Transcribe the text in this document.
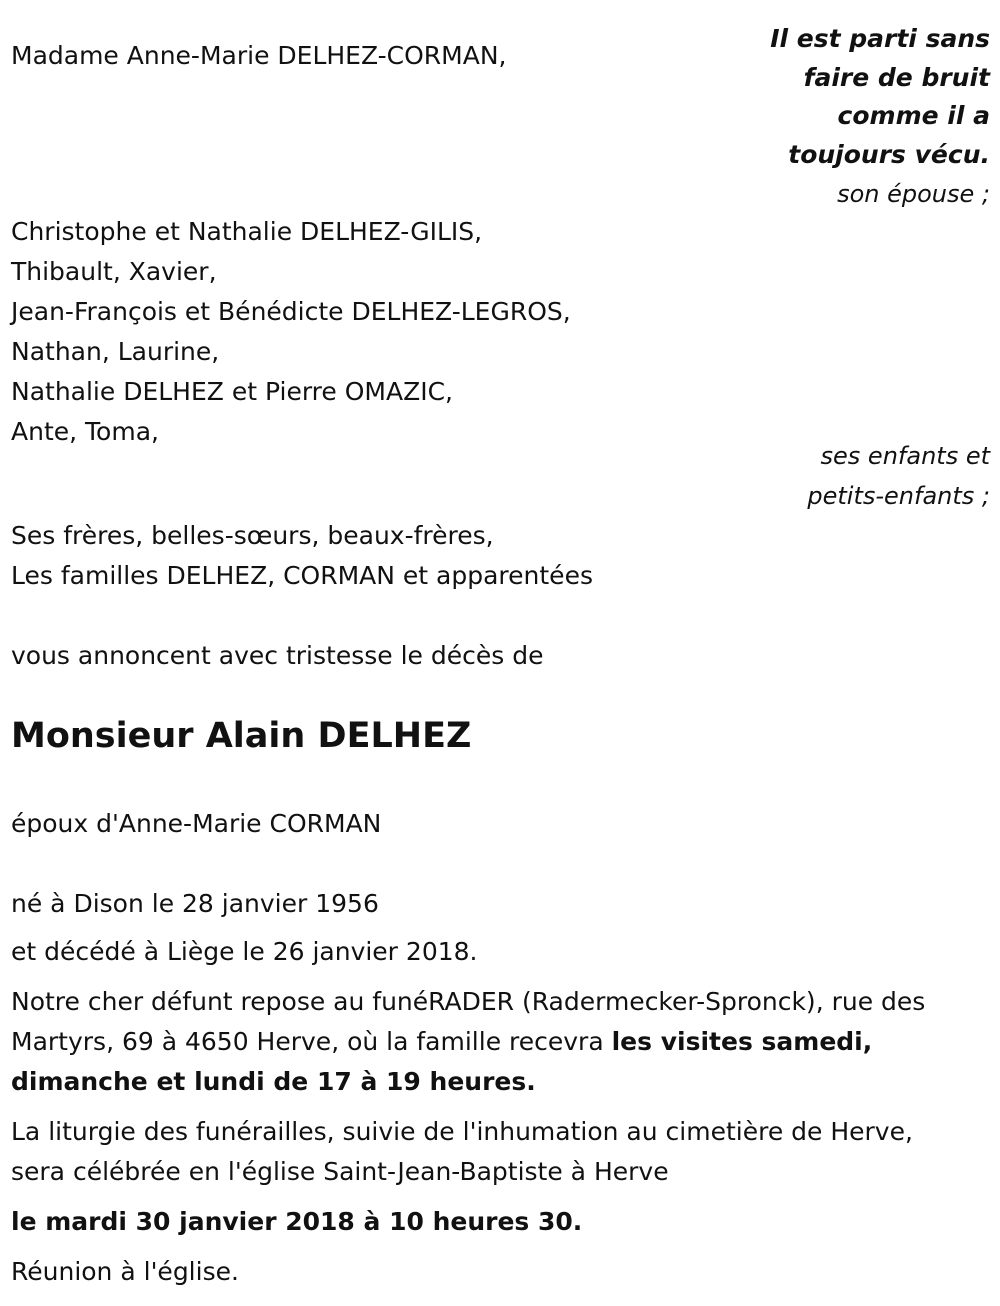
Madame Anne-Marie DELHEZ-CORMAN,
Il est parti sans
faire de bruit
comme il a
toujours vécu.
son épouse ;
Christophe et Nathalie DELHEZ-GILIS,
Thibault, Xavier,
Jean-François et Bénédicte DELHEZ-LEGROS,
Nathan, Laurine,
Nathalie DELHEZ et Pierre OMAZIC,
Ante, Toma,
ses enfants et
petits-enfants ;
Ses frères, belles-sœurs, beaux-frères,
Les familles DELHEZ, CORMAN et apparentées
vous annoncent avec tristesse le décès de
Monsieur Alain DELHEZ
époux d'Anne-Marie CORMAN
né à Dison le 28 janvier 1956
et décédé à Liège le 26 janvier 2018.
Notre cher défunt repose au funéRADER (Radermecker-Spronck), rue des Martyrs, 69 à 4650 Herve, où la famille recevra les visites samedi, dimanche et lundi de 17 à 19 heures.
La liturgie des funérailles, suivie de l'inhumation au cimetière de Herve, sera célébrée en l'église Saint-Jean-Baptiste à Herve
le mardi 30 janvier 2018 à 10 heures 30.
Réunion à l'église.
